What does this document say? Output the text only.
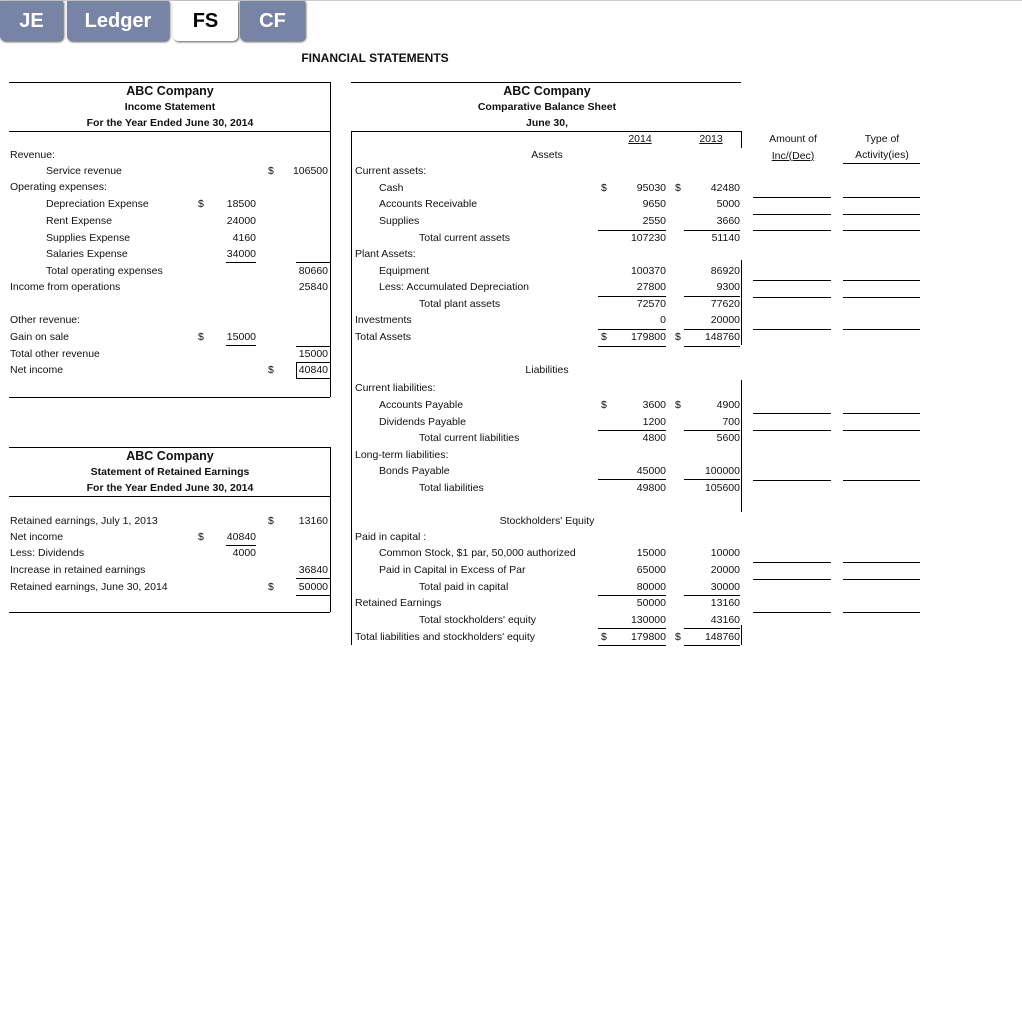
JE	Ledger	FS	CF
FINANCIAL STATEMENTS
ABC Company
Income Statement
For the Year Ended June 30, 2014
Revenue:
Service revenue	$	106500
Operating expenses:
Depreciation Expense	$	18500
Rent Expense	24000
Supplies Expense	4160
Salaries Expense	34000
Total operating expenses	80660
Income from operations	25840
Other revenue:
Gain on sale	$	15000
Total other revenue	15000
Net income	$	40840
ABC Company
Statement of Retained Earnings
For the Year Ended June 30, 2014
Retained earnings, July 1, 2013	$	13160
Net income	$	40840
Less: Dividends	4000
Increase in retained earnings	36840
Retained earnings, June 30, 2014	$	50000
ABC Company
Comparative Balance Sheet
June 30,
2014	2013	Amount of
Inc/(Dec)
Type of
Activity(ies)
Assets
Current assets:
Cash	$	95030 $	42480
Accounts Receivable	9650	5000
Supplies	2550	3660
Total current assets	107230	51140
Plant Assets:
Equipment	100370	86920
Less: Accumulated Depreciation	27800	9300
Total plant assets	72570	77620
Investments	0	20000
Total Assets	$	179800 $	148760
Liabilities
Current liabilities:
Accounts Payable	$	3600 $	4900
Dividends Payable	1200	700
Total current liabilities	4800	5600
Long-term liabilities:
Bonds Payable	45000	100000
Total liabilities	49800	105600
Stockholders' Equity
Paid in capital :
Common Stock, $1 par, 50,000 authorized	15000	10000
Paid in Capital in Excess of Par	65000	20000
Total paid in capital	80000	30000
Retained Earnings	50000	13160
Total stockholders' equity	130000	43160
Total liabilities and stockholders' equity	$	179800 $	148760
